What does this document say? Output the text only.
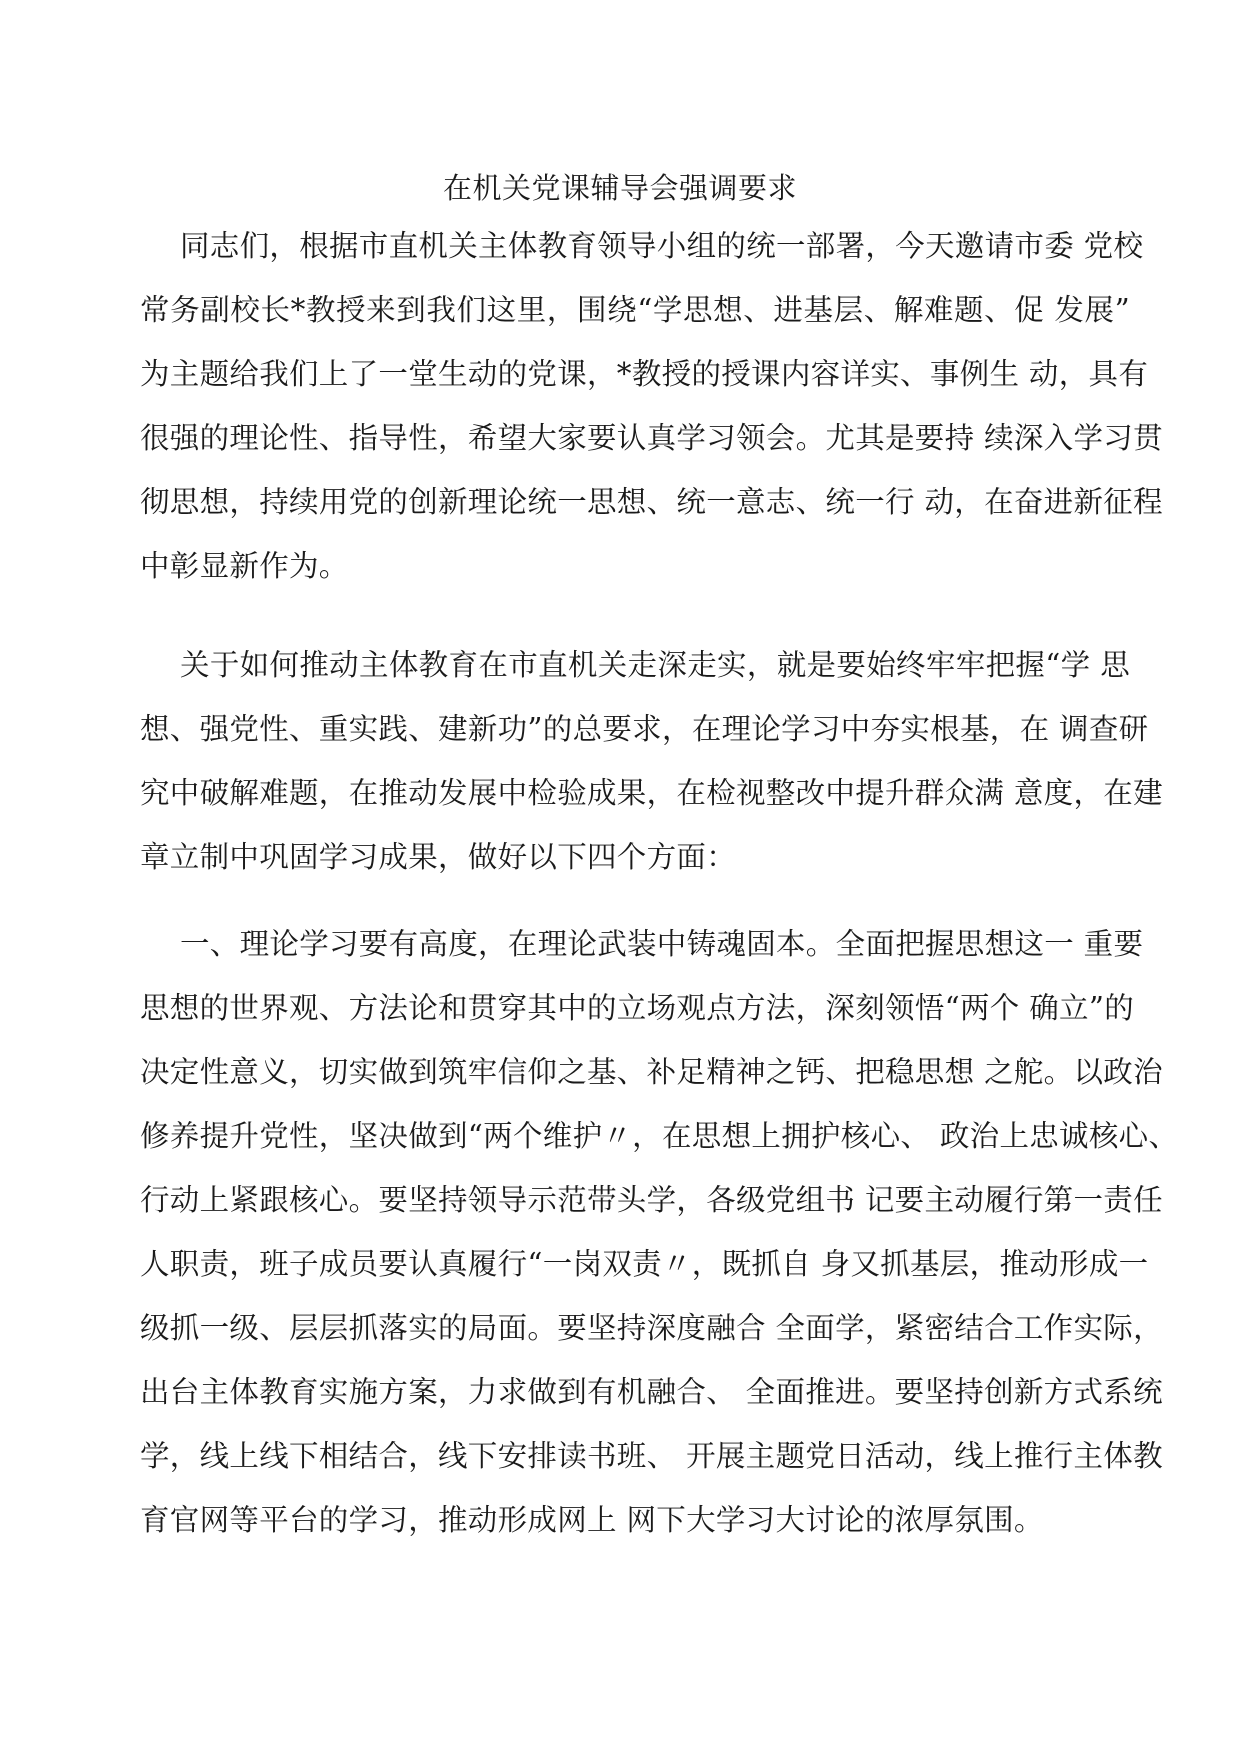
在机关党课辅导会强调要求
同志们，根据市直机关主体教育领导小组的统一部署，今天邀请市委 党校
常务副校长*教授来到我们这里，围绕“学思想、进基层、解难题、促 发展”
为主题给我们上了一堂生动的党课，*教授的授课内容详实、事例生 动，具有
很强的理论性、指导性，希望大家要认真学习领会。尤其是要持 续深入学习贯
彻思想，持续用党的创新理论统一思想、统一意志、统一行 动，在奋进新征程
中彰显新作为。
关于如何推动主体教育在市直机关走深走实，就是要始终牢牢把握“学 思
想、强党性、重实践、建新功”的总要求，在理论学习中夯实根基，在 调查研
究中破解难题，在推动发展中检验成果，在检视整改中提升群众满 意度，在建
章立制中巩固学习成果，做好以下四个方面：
一、理论学习要有高度，在理论武装中铸魂固本。全面把握思想这一 重要
思想的世界观、方法论和贯穿其中的立场观点方法，深刻领悟“两个 确立”的
决定性意义，切实做到筑牢信仰之基、补足精神之钙、把稳思想 之舵。以政治
修养提升党性，坚决做到“两个维护〃，在思想上拥护核心、 政治上忠诚核心、
行动上紧跟核心。要坚持领导示范带头学，各级党组书 记要主动履行第一责任
人职责，班子成员要认真履行“一岗双责〃，既抓自 身又抓基层，推动形成一
级抓一级、层层抓落实的局面。要坚持深度融合 全面学，紧密结合工作实际，
出台主体教育实施方案，力求做到有机融合、 全面推进。要坚持创新方式系统
学，线上线下相结合，线下安排读书班、 开展主题党日活动，线上推行主体教
育官网等平台的学习，推动形成网上 网下大学习大讨论的浓厚氛围。
